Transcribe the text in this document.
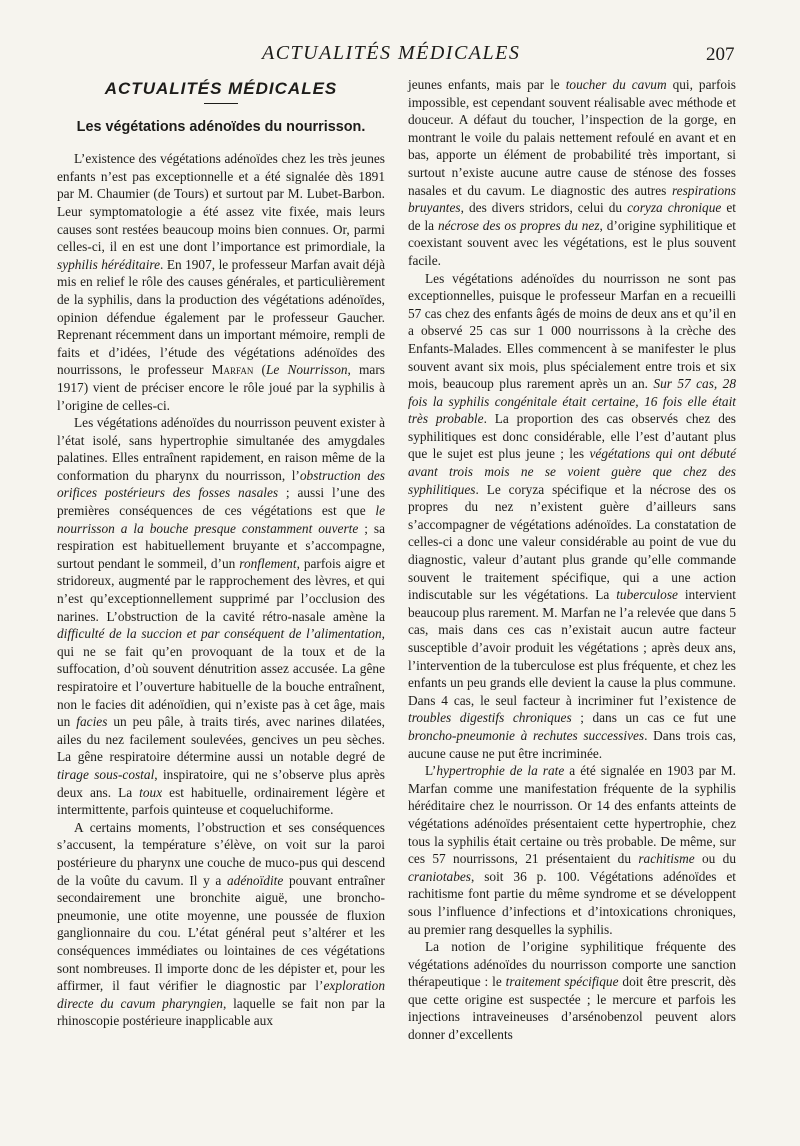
ACTUALITÉS MÉDICALES	207
ACTUALITÉS MÉDICALES
Les végétations adénoïdes du nourrisson.

L’existence des végétations adénoïdes chez les très jeunes enfants n’est pas exceptionnelle et a été signalée dès 1891 par M. Chaumier (de Tours) et surtout par M. Lubet-Barbon. Leur symptomatologie a été assez vite fixée, mais leurs causes sont restées beaucoup moins bien connues. Or, parmi celles-ci, il en est une dont l’importance est primordiale, la syphilis héréditaire. En 1907, le professeur Marfan avait déjà mis en relief le rôle des causes générales, et particulièrement de la syphilis, dans la production des végétations adénoïdes, opinion défendue également par le professeur Gaucher. Reprenant récemment dans un important mémoire, rempli de faits et d’idées, l’étude des végétations adénoïdes des nourrissons, le professeur Marfan (Le Nourrisson, mars 1917) vient de préciser encore le rôle joué par la syphilis à l’origine de celles-ci.

Les végétations adénoïdes du nourrisson peuvent exister à l’état isolé, sans hypertrophie simultanée des amygdales palatines. Elles entraînent rapidement, en raison même de la conformation du pharynx du nourrisson, l’obstruction des orifices postérieurs des fosses nasales ; aussi l’une des premières conséquences de ces végétations est que le nourrisson a la bouche presque constamment ouverte ; sa respiration est habituellement bruyante et s’accompagne, surtout pendant le sommeil, d’un ronflement, parfois aigre et stridoreux, augmenté par le rapprochement des lèvres, et qui n’est qu’exceptionnellement supprimé par l’occlusion des narines. L’obstruction de la cavité rétro-nasale amène la difficulté de la succion et par conséquent de l’alimentation, qui ne se fait qu’en provoquant de la toux et de la suffocation, d’où souvent dénutrition assez accusée. La gêne respiratoire et l’ouverture habituelle de la bouche entraînent, non le facies dit adénoïdien, qui n’existe pas à cet âge, mais un facies un peu pâle, à traits tirés, avec narines dilatées, ailes du nez facilement soulevées, gencives un peu sèches. La gêne respiratoire détermine aussi un notable degré de tirage sous-costal, inspiratoire, qui ne s’observe plus après deux ans. La toux est habituelle, ordinairement légère et intermittente, parfois quinteuse et coqueluchiforme.

A certains moments, l’obstruction et ses conséquences s’accusent, la température s’élève, on voit sur la paroi postérieure du pharynx une couche de muco-pus qui descend de la voûte du cavum. Il y a adénoïdite pouvant entraîner secondairement une bronchite aiguë, une broncho-pneumonie, une otite moyenne, une poussée de fluxion ganglionnaire du cou. L’état général peut s’altérer et les conséquences immédiates ou lointaines de ces végétations sont nombreuses. Il importe donc de les dépister et, pour les affirmer, il faut vérifier le diagnostic par l’exploration directe du cavum pharyngien, laquelle se fait non par la rhinoscopie postérieure inapplicable aux

jeunes enfants, mais par le toucher du cavum qui, parfois impossible, est cependant souvent réalisable avec méthode et douceur. A défaut du toucher, l’inspection de la gorge, en montrant le voile du palais nettement refoulé en avant et en bas, apporte un élément de probabilité très important, si surtout n’existe aucune autre cause de sténose des fosses nasales et du cavum. Le diagnostic des autres respirations bruyantes, des divers stridors, celui du coryza chronique et de la nécrose des os propres du nez, d’origine syphilitique et coexistant souvent avec les végétations, est le plus souvent facile.

Les végétations adénoïdes du nourrisson ne sont pas exceptionnelles, puisque le professeur Marfan en a recueilli 57 cas chez des enfants âgés de moins de deux ans et qu’il en a observé 25 cas sur 1 000 nourrissons à la crèche des Enfants-Malades. Elles commencent à se manifester le plus souvent avant six mois, plus spécialement entre trois et six mois, beaucoup plus rarement après un an. Sur 57 cas, 28 fois la syphilis congénitale était certaine, 16 fois elle était très probable. La proportion des cas observés chez des syphilitiques est donc considérable, elle l’est d’autant plus que le sujet est plus jeune ; les végétations qui ont débuté avant trois mois ne se voient guère que chez des syphilitiques. Le coryza spécifique et la nécrose des os propres du nez n’existent guère d’ailleurs sans s’accompagner de végétations adénoïdes. La constatation de celles-ci a donc une valeur considérable au point de vue du diagnostic, valeur d’autant plus grande qu’elle commande souvent le traitement spécifique, qui a une action indiscutable sur les végétations. La tuberculose intervient beaucoup plus rarement. M. Marfan ne l’a relevée que dans 5 cas, mais dans ces cas n’existait aucun autre facteur susceptible d’avoir produit les végétations ; après deux ans, l’intervention de la tuberculose est plus fréquente, et chez les enfants un peu grands elle devient la cause la plus commune. Dans 4 cas, le seul facteur à incriminer fut l’existence de troubles digestifs chroniques ; dans un cas ce fut une broncho-pneumonie à rechutes successives. Dans trois cas, aucune cause ne put être incriminée.

L’hypertrophie de la rate a été signalée en 1903 par M. Marfan comme une manifestation fréquente de la syphilis héréditaire chez le nourrisson. Or 14 des enfants atteints de végétations adénoïdes présentaient cette hypertrophie, chez tous la syphilis était certaine ou très probable. De même, sur ces 57 nourrissons, 21 présentaient du rachitisme ou du craniotabes, soit 36 p. 100. Végétations adénoïdes et rachitisme font partie du même syndrome et se développent sous l’influence d’infections et d’intoxications chroniques, au premier rang desquelles la syphilis.

La notion de l’origine syphilitique fréquente des végétations adénoïdes du nourrisson comporte une sanction thérapeutique : le traitement spécifique doit être prescrit, dès que cette origine est suspectée ; le mercure et parfois les injections intraveineuses d’arsénobenzol peuvent alors donner d’excellents
